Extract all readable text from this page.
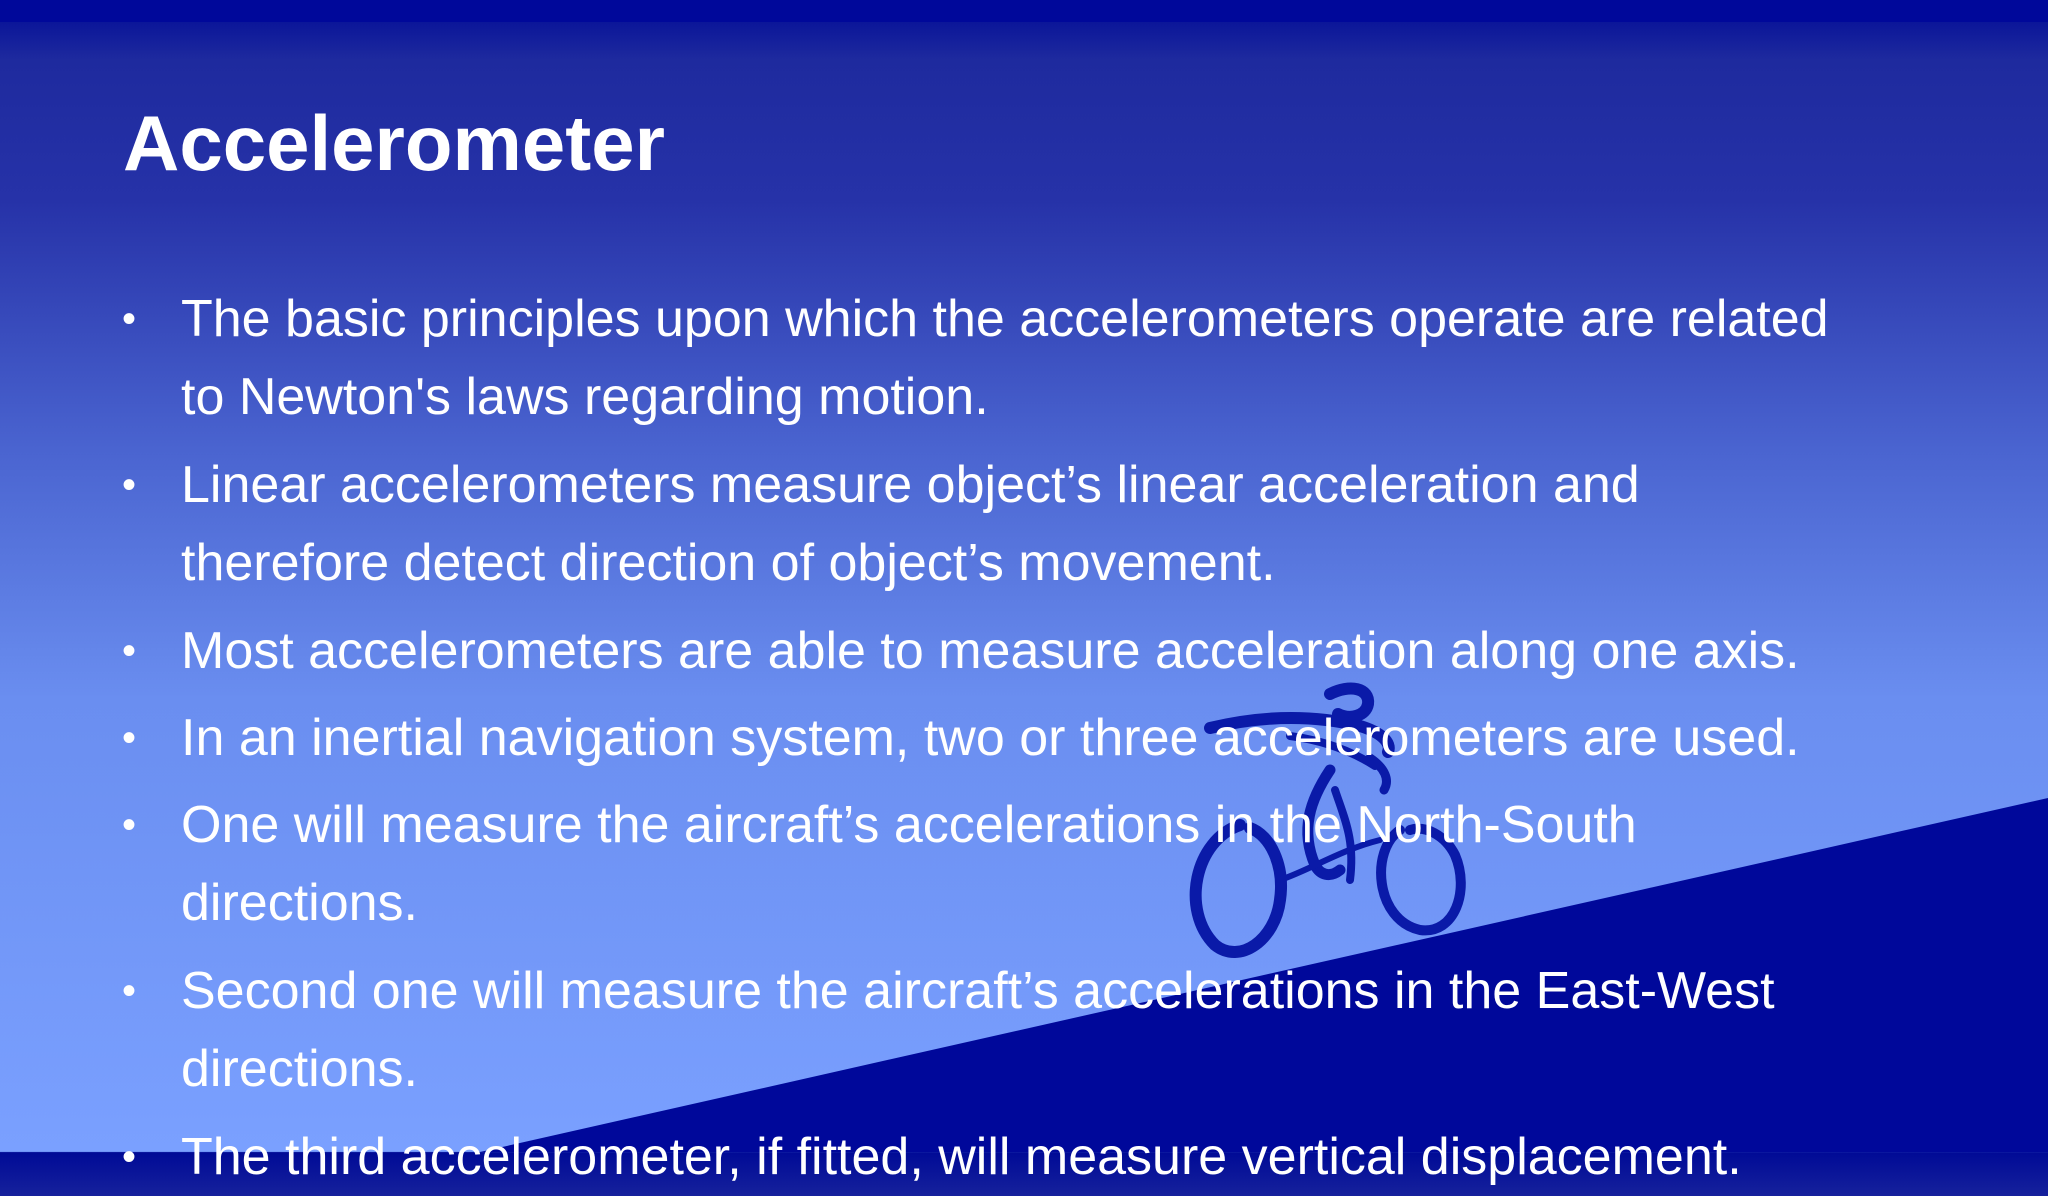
Accelerometer
• The basic principles upon which the accelerometers operate are related
to Newton's laws regarding motion.
• Linear accelerometers measure object’s linear acceleration and
therefore detect direction of object’s movement.
• Most accelerometers are able to measure acceleration along one axis.
• In an inertial navigation system, two or three accelerometers are used.
• One will measure the aircraft’s accelerations in the North-South
directions.
• Second one will measure the aircraft’s accelerations in the East-West
directions.
• The third accelerometer, if fitted, will measure vertical displacement.
